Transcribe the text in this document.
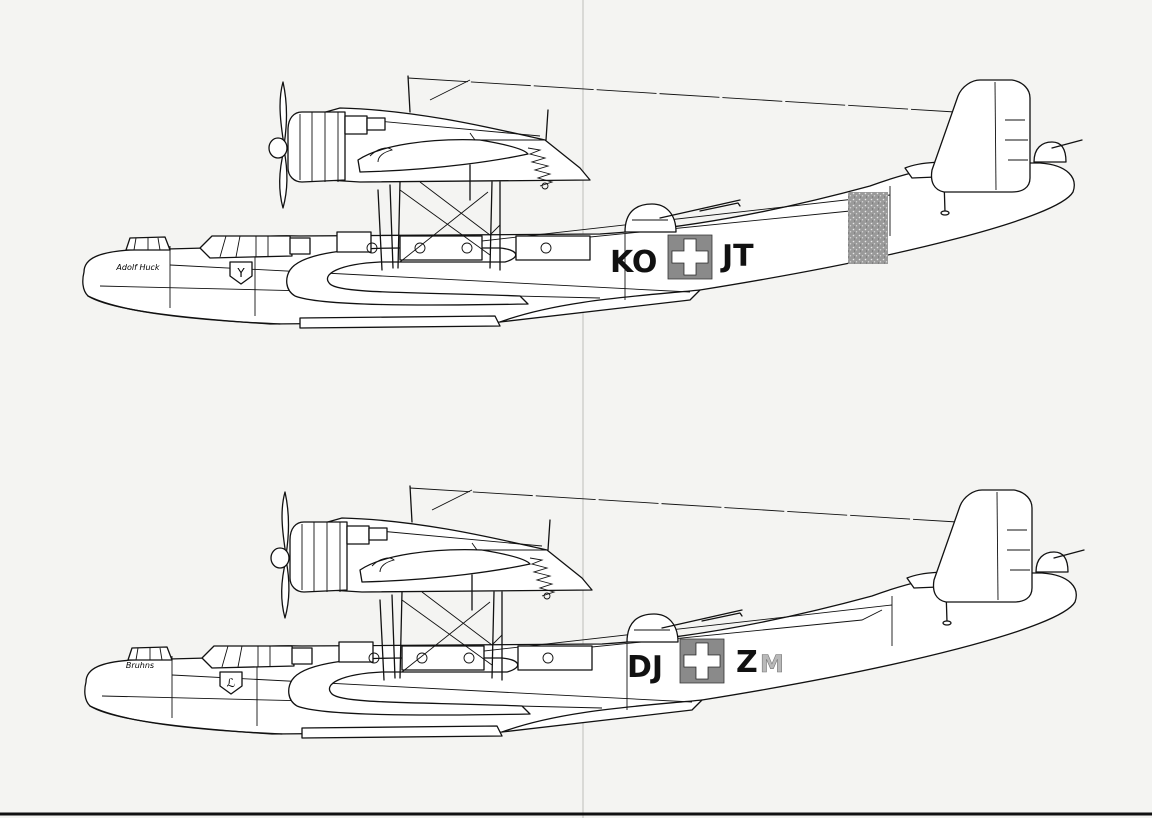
Y
Adolf Huck	KO JT
ℒ
Bruhns	DJ Z M
